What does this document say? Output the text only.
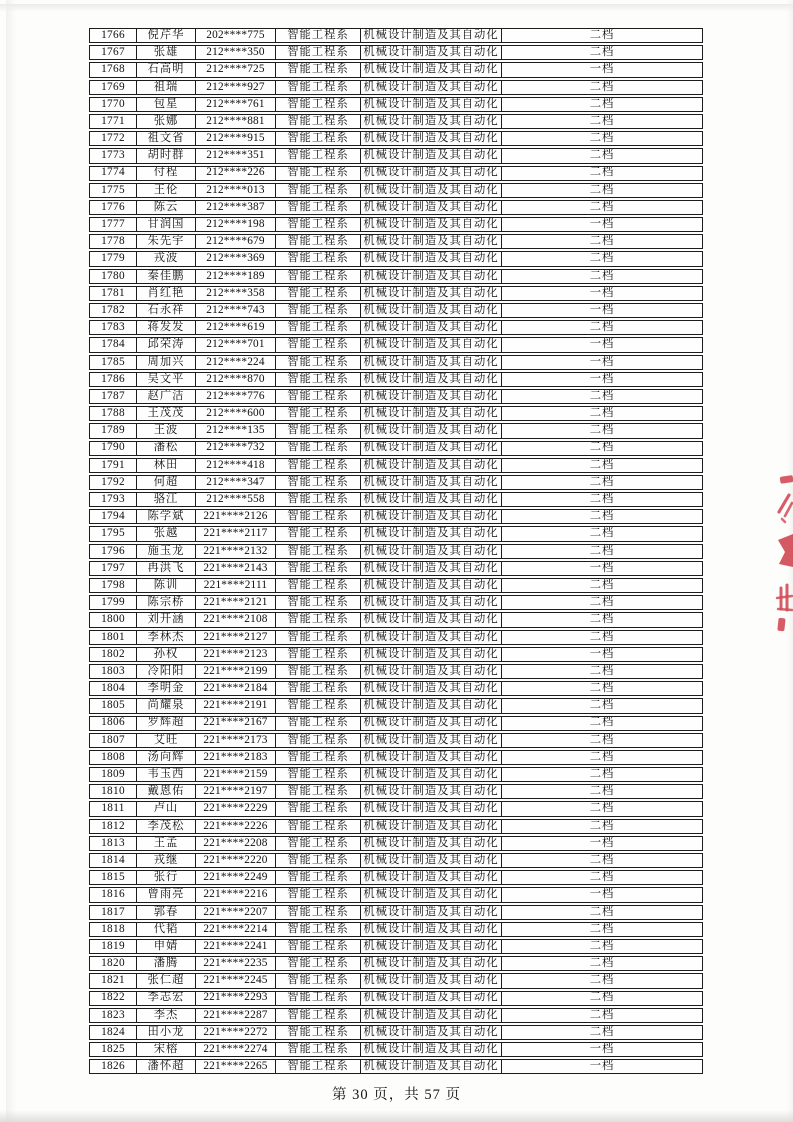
1766	倪芹华	202****775	智能工程系	机械设计制造及其自动化	二档
1767	张雄	212****350	智能工程系	机械设计制造及其自动化	二档
1768	石高明	212****725	智能工程系	机械设计制造及其自动化	一档
1769	祖瑞	212****927	智能工程系	机械设计制造及其自动化	二档
1770	包星	212****761	智能工程系	机械设计制造及其自动化	二档
1771	张娜	212****881	智能工程系	机械设计制造及其自动化	二档
1772	祖文省	212****915	智能工程系	机械设计制造及其自动化	二档
1773	胡时群	212****351	智能工程系	机械设计制造及其自动化	二档
1774	付程	212****226	智能工程系	机械设计制造及其自动化	二档
1775	王伦	212****013	智能工程系	机械设计制造及其自动化	二档
1776	陈云	212****387	智能工程系	机械设计制造及其自动化	二档
1777	甘润国	212****198	智能工程系	机械设计制造及其自动化	一档
1778	朱先宇	212****679	智能工程系	机械设计制造及其自动化	二档
1779	戎波	212****369	智能工程系	机械设计制造及其自动化	二档
1780	秦佳鹏	212****189	智能工程系	机械设计制造及其自动化	二档
1781	肖红艳	212****358	智能工程系	机械设计制造及其自动化	一档
1782	石永祥	212****743	智能工程系	机械设计制造及其自动化	一档
1783	蒋发发	212****619	智能工程系	机械设计制造及其自动化	二档
1784	邱荣涛	212****701	智能工程系	机械设计制造及其自动化	一档
1785	周加兴	212****224	智能工程系	机械设计制造及其自动化	一档
1786	吴文平	212****870	智能工程系	机械设计制造及其自动化	一档
1787	赵广洁	212****776	智能工程系	机械设计制造及其自动化	二档
1788	王茂茂	212****600	智能工程系	机械设计制造及其自动化	二档
1789	王波	212****135	智能工程系	机械设计制造及其自动化	二档
1790	潘松	212****732	智能工程系	机械设计制造及其自动化	二档
1791	林田	212****418	智能工程系	机械设计制造及其自动化	二档
1792	何超	212****347	智能工程系	机械设计制造及其自动化	二档
1793	骆江	212****558	智能工程系	机械设计制造及其自动化	二档
1794	陈学斌	221****2126	智能工程系	机械设计制造及其自动化	二档
1795	张越	221****2117	智能工程系	机械设计制造及其自动化	二档
1796	施玉龙	221****2132	智能工程系	机械设计制造及其自动化	二档
1797	冉洪飞	221****2143	智能工程系	机械设计制造及其自动化	一档
1798	陈训	221****2111	智能工程系	机械设计制造及其自动化	二档
1799	陈宗桥	221****2121	智能工程系	机械设计制造及其自动化	二档
1800	刘开涵	221****2108	智能工程系	机械设计制造及其自动化	二档
1801	李林杰	221****2127	智能工程系	机械设计制造及其自动化	二档
1802	孙权	221****2123	智能工程系	机械设计制造及其自动化	一档
1803	冷阳阳	221****2199	智能工程系	机械设计制造及其自动化	二档
1804	李明金	221****2184	智能工程系	机械设计制造及其自动化	二档
1805	尚耀泉	221****2191	智能工程系	机械设计制造及其自动化	二档
1806	罗辉超	221****2167	智能工程系	机械设计制造及其自动化	二档
1807	艾旺	221****2173	智能工程系	机械设计制造及其自动化	二档
1808	汤向辉	221****2183	智能工程系	机械设计制造及其自动化	二档
1809	韦玉西	221****2159	智能工程系	机械设计制造及其自动化	二档
1810	戴恩佑	221****2197	智能工程系	机械设计制造及其自动化	二档
1811	卢山	221****2229	智能工程系	机械设计制造及其自动化	二档
1812	李茂松	221****2226	智能工程系	机械设计制造及其自动化	二档
1813	王孟	221****2208	智能工程系	机械设计制造及其自动化	一档
1814	戎继	221****2220	智能工程系	机械设计制造及其自动化	二档
1815	张行	221****2249	智能工程系	机械设计制造及其自动化	二档
1816	曾雨亮	221****2216	智能工程系	机械设计制造及其自动化	一档
1817	郭春	221****2207	智能工程系	机械设计制造及其自动化	二档
1818	代韬	221****2214	智能工程系	机械设计制造及其自动化	二档
1819	申婧	221****2241	智能工程系	机械设计制造及其自动化	二档
1820	潘腾	221****2235	智能工程系	机械设计制造及其自动化	二档
1821	张仁超	221****2245	智能工程系	机械设计制造及其自动化	二档
1822	李志宏	221****2293	智能工程系	机械设计制造及其自动化	二档
1823	李杰	221****2287	智能工程系	机械设计制造及其自动化	二档
1824	田小龙	221****2272	智能工程系	机械设计制造及其自动化	二档
1825	宋榕	221****2274	智能工程系	机械设计制造及其自动化	一档
1826	潘怀超	221****2265	智能工程系	机械设计制造及其自动化	一档
第 30 页，共 57 页
